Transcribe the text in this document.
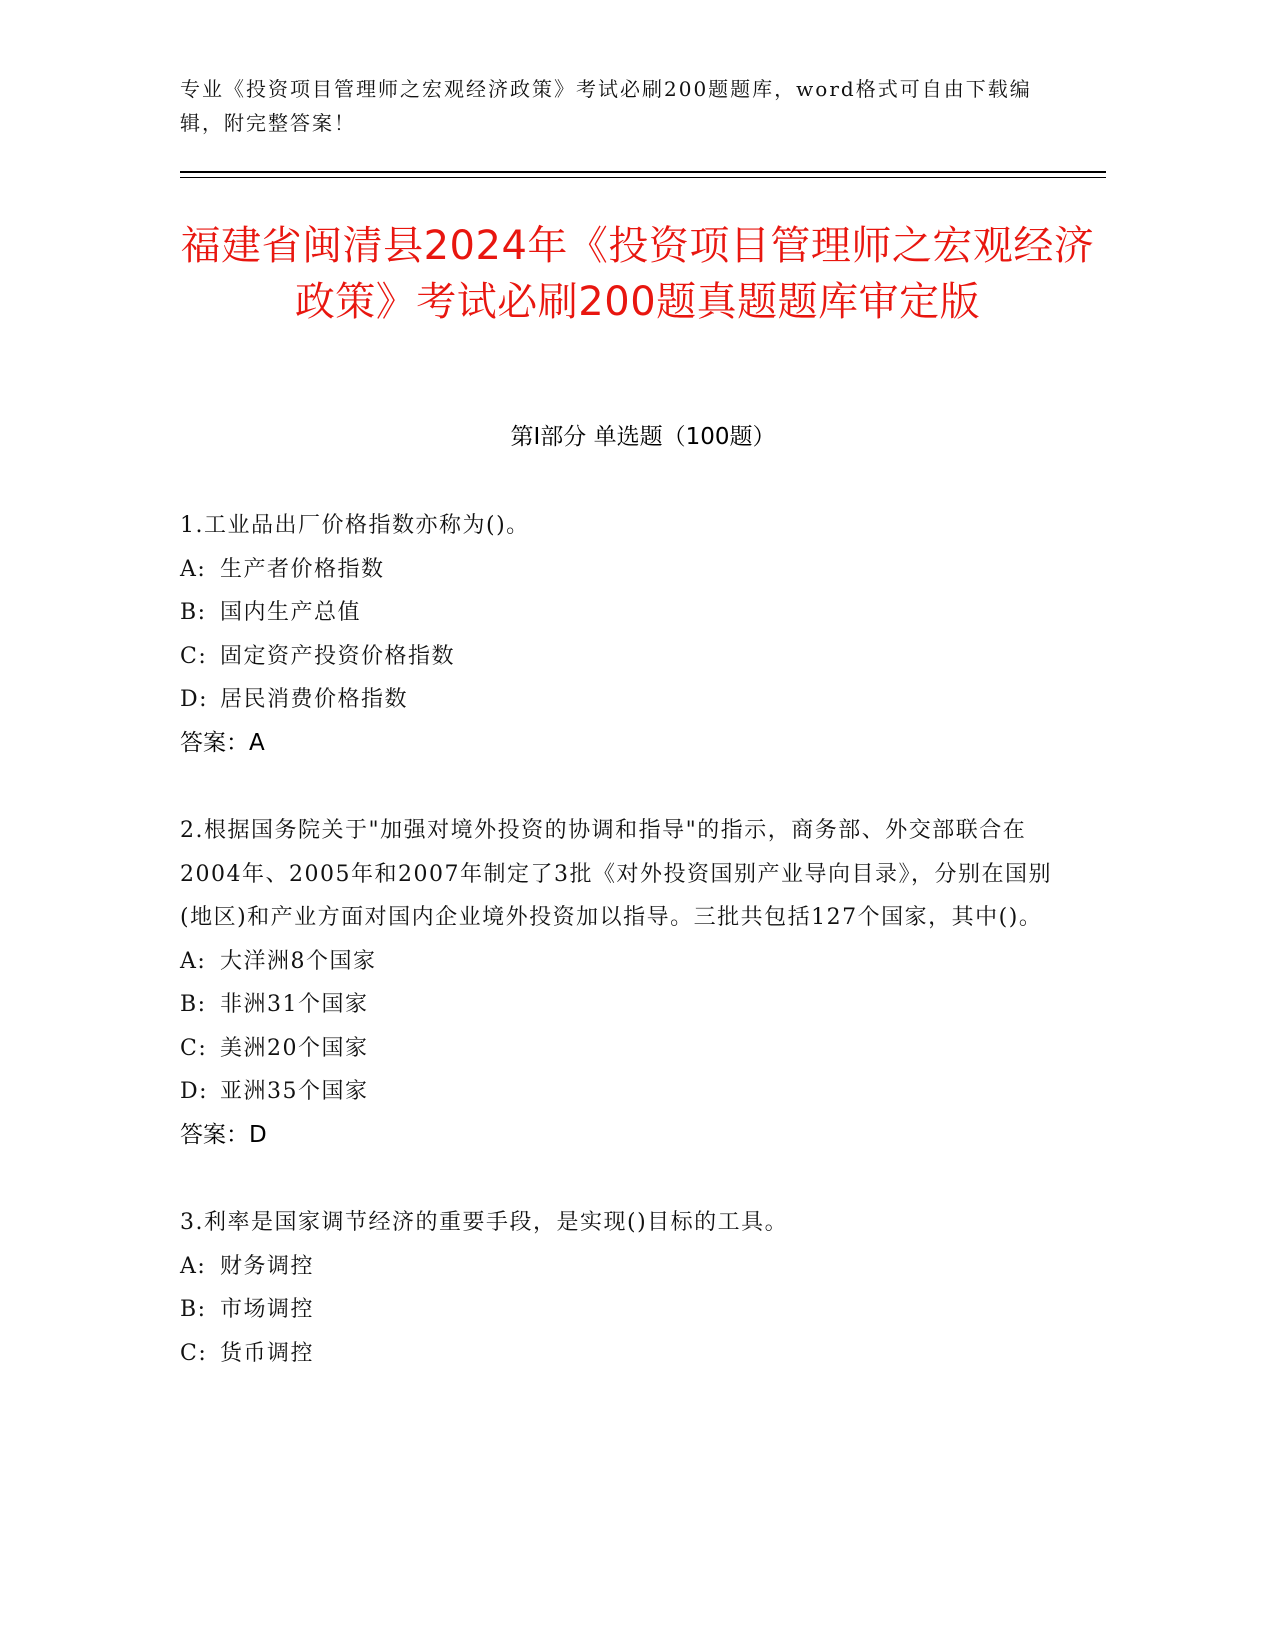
专业《投资项目管理师之宏观经济政策》考试必刷200题题库，word格式可自由下载编辑，附完整答案！
福建省闽清县2024年《投资项目管理师之宏观经济政策》考试必刷200题真题题库审定版
第Ⅰ部分 单选题（100题）
1.工业品出厂价格指数亦称为()。
A: 生产者价格指数
B: 国内生产总值
C: 固定资产投资价格指数
D: 居民消费价格指数
答案：A
2.根据国务院关于"加强对境外投资的协调和指导"的指示，商务部、外交部联合在2004年、2005年和2007年制定了3批《对外投资国别产业导向目录》，分别在国别(地区)和产业方面对国内企业境外投资加以指导。三批共包括127个国家，其中()。
A: 大洋洲8个国家
B: 非洲31个国家
C: 美洲20个国家
D: 亚洲35个国家
答案：D
3.利率是国家调节经济的重要手段，是实现()目标的工具。
A: 财务调控
B: 市场调控
C: 货币调控
